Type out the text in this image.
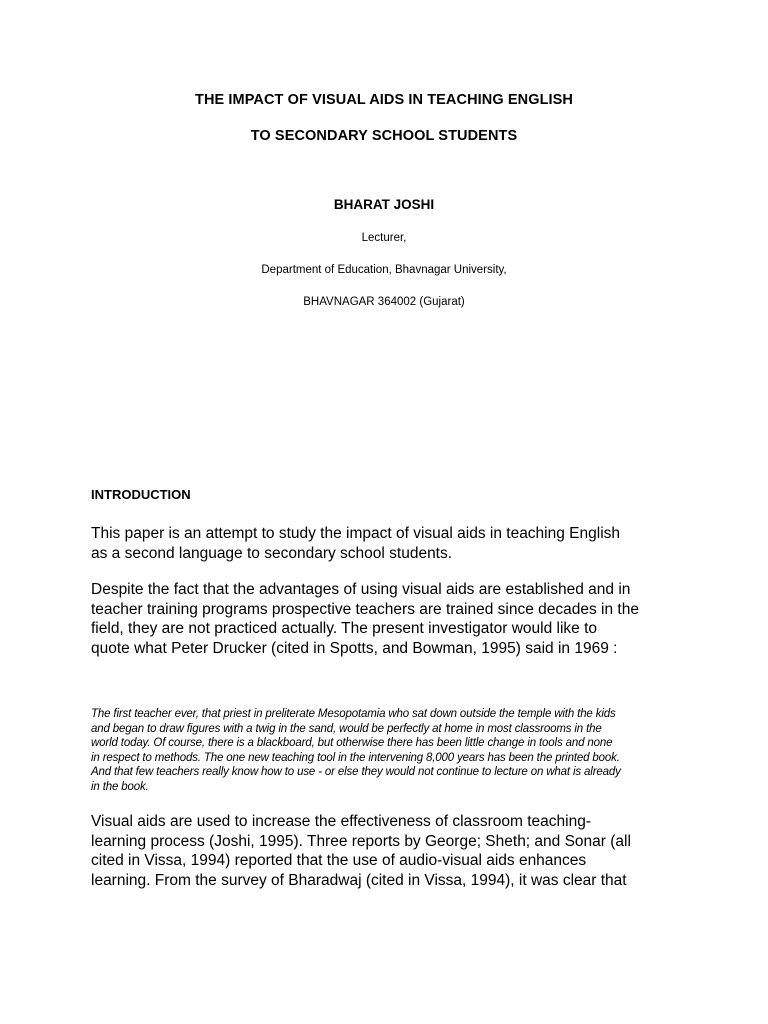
THE IMPACT OF VISUAL AIDS IN TEACHING ENGLISH
TO SECONDARY SCHOOL STUDENTS
BHARAT JOSHI
Lecturer,
Department of Education, Bhavnagar University,
BHAVNAGAR 364002 (Gujarat)
INTRODUCTION

This paper is an attempt to study the impact of visual aids in teaching English
as a second language to secondary school students.

Despite the fact that the advantages of using visual aids are established and in
teacher training programs prospective teachers are trained since decades in the
field, they are not practiced actually. The present investigator would like to
quote what Peter Drucker (cited in Spotts, and Bowman, 1995) said in 1969 :

The first teacher ever, that priest in preliterate Mesopotamia who sat down outside the temple with the kids
and began to draw figures with a twig in the sand, would be perfectly at home in most classrooms in the
world today. Of course, there is a blackboard, but otherwise there has been little change in tools and none
in respect to methods. The one new teaching tool in the intervening 8,000 years has been the printed book.
And that few teachers really know how to use - or else they would not continue to lecture on what is already
in the book.

Visual aids are used to increase the effectiveness of classroom teaching-
learning process (Joshi, 1995). Three reports by George; Sheth; and Sonar (all
cited in Vissa, 1994) reported that the use of audio-visual aids enhances
learning. From the survey of Bharadwaj (cited in Vissa, 1994), it was clear that
